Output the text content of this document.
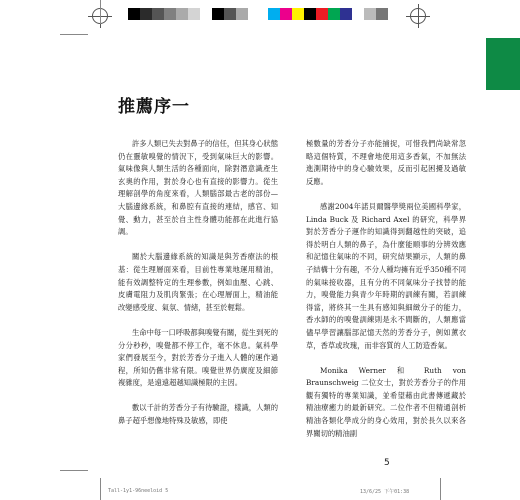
推薦序一

許多人類已失去對鼻子的信任，但其身心狀態仍在靈敏嗅覺的情況下，受到氣味巨大的影響。氣味像與人類生活的各種面向，除對潛意識產生玄奧的作用，對於身心也有直接的影響力。從生理解剖學的角度來看，人類腦部最古老的部份—大腦邊緣系統，和鼻腔有直接的連結，感官、知覺、動力，甚至於自主性身體功能都在此進行協調。

關於大腦邊緣系統的知識是與芳香療法的根基：從生理層面來看，目前性專業地運用精油，能有效調整特定的生理參數，例如血壓、心跳、皮膚電阻力及肌肉緊張；在心理層面上，精油能改變感受度、氣氛、情緒，甚至於輕鬆。

生命中每一口呼吸都與嗅覺有關，從生到死的分分秒秒，嗅覺都不停工作，毫不休息。氣科學家們發展至今，對於芳香分子進入人體的運作過程，所知仍舊非常有限。嗅覺世界仍廣度及細節複雜度，是遠遠超越知識極限的主因。

數以千計的芳香分子有待驗證，樣識，人類的鼻子超乎想像地特殊及敏感，即使

極數量的芳香分子亦能捕捉，可惜我們尚缺常忽略這個特質，不理會地使用這多香氣，不加無法進測期待中的身心驗效果，反而引起困擾及過敏反應。

感謝2004年諾貝爾醫學獎兩位美國科學家，Linda Buck 及 Richard Axel 的研究，科學界對於芳香分子運作的知識得到翻越性的突破，追得於明白人類的鼻子，為什麼能順事的分辨效應和記憶住氣味的不同，研究結果顯示，人類的鼻子結構十分有趣，不分人種均擁有近乎350種不同的氣味接收器，且有分的不同氣味分子找替的能力，嗅覺能力與青少年時期的訓練有關，若訓練得當，將終其一生具有感知與細緻分子的能力，香水師的的嗅覺訓練則是永不間斷的，人類應當儘早學習讓腦部記憶天然的芳香分子，例如薰衣草，香草或玫瑰，而非容質的人工防造香氣。

Monika Werner 和 Ruth von Braunschweig 二位女士，對於芳香分子的作用觀有獨特的專業知識，並希望藉由此書傳遞藏於精油療癒力的最新研究。二位作者不但精通剖析精油各類化學成分的身心效用，對於長久以來各界關切的精油副

5
Tall-1y1-96neeloid 5	13/6/25 下午01:38
